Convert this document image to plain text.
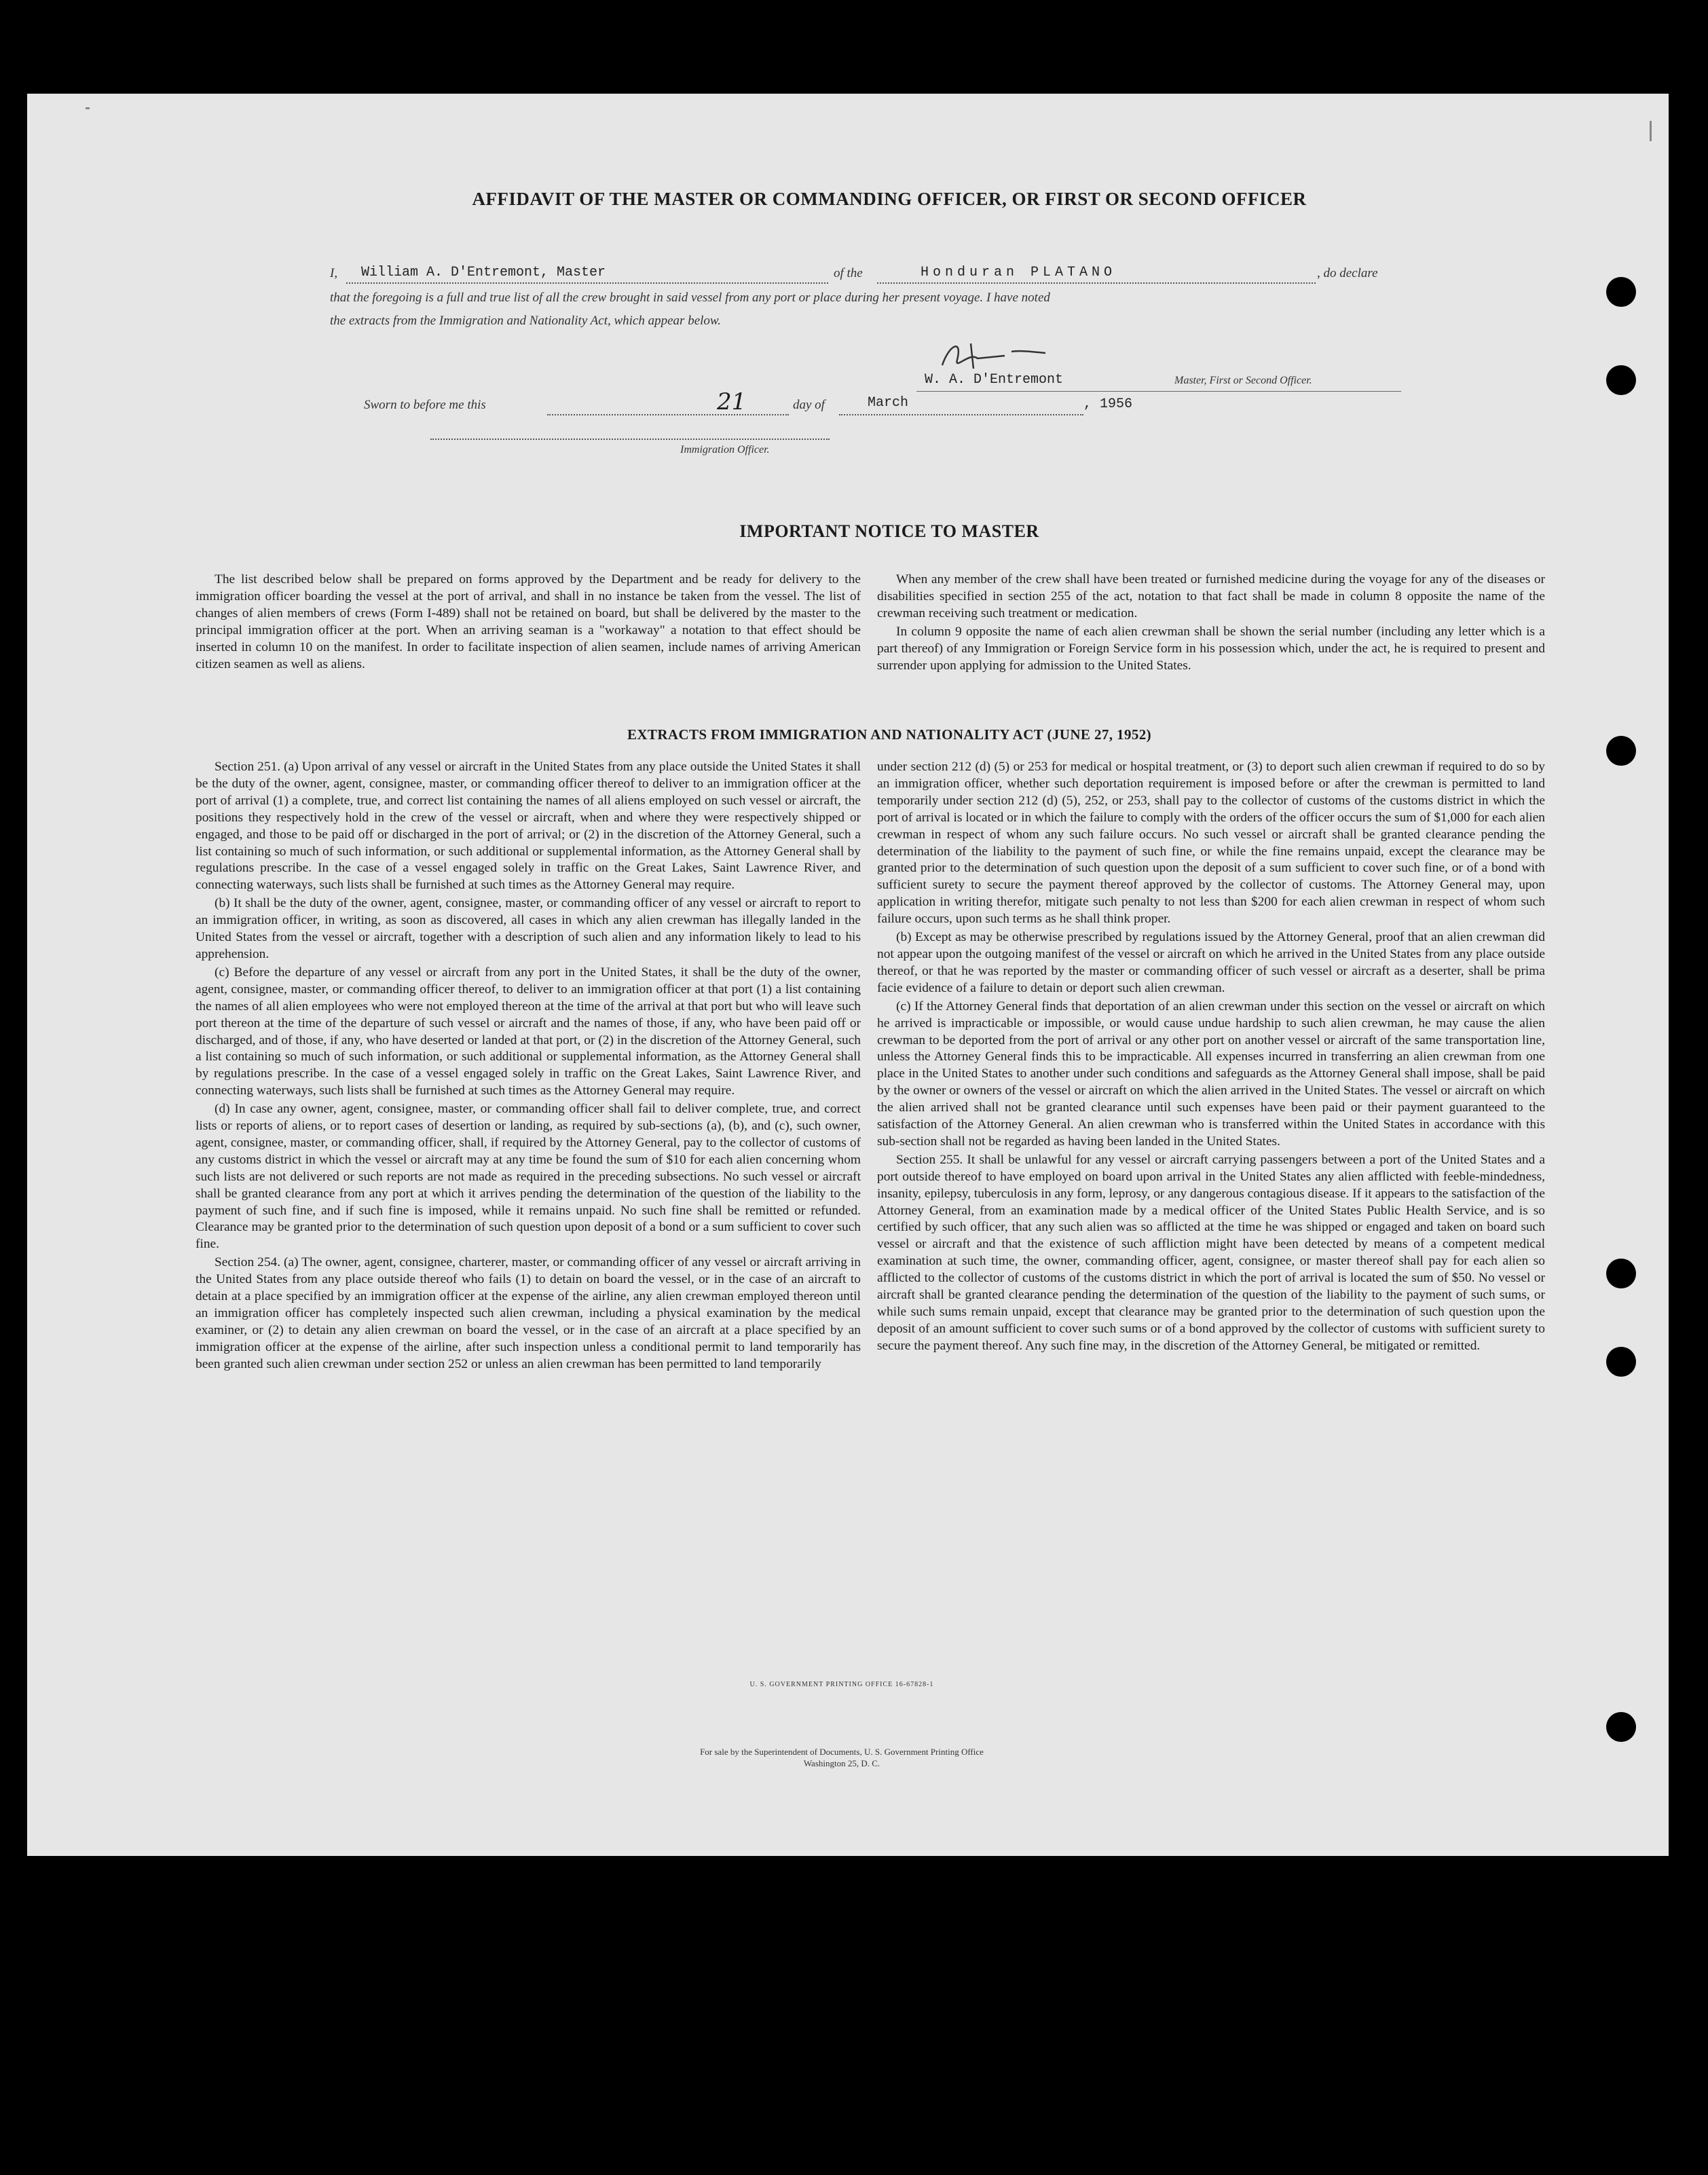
AFFIDAVIT OF THE MASTER OR COMMANDING OFFICER, OR FIRST OR SECOND OFFICER
I,	William A. D'Entremont, Master	of the	Honduran PLATANO	, do declare
that the foregoing is a full and true list of all the crew brought in said vessel from any port or place during her present voyage. I have noted
the extracts from the Immigration and Nationality Act, which appear below.
W. A. D'Entremont	Master, First or Second Officer.
Sworn to before me this	21	day of	March	, 1956
Immigration Officer.
IMPORTANT NOTICE TO MASTER

The list described below shall be prepared on forms approved by the Department and be ready for delivery to the immigration officer boarding the vessel at the port of arrival, and shall in no instance be taken from the vessel. The list of changes of alien members of crews (Form I-489) shall not be retained on board, but shall be delivered by the master to the principal immigration officer at the port. When an arriving seaman is a "workaway" a notation to that effect should be inserted in column 10 on the manifest. In order to facilitate inspection of alien seamen, include names of arriving American citizen seamen as well as aliens.

When any member of the crew shall have been treated or furnished medicine during the voyage for any of the diseases or disabilities specified in section 255 of the act, notation to that fact shall be made in column 8 opposite the name of the crewman receiving such treatment or medication.

In column 9 opposite the name of each alien crewman shall be shown the serial number (including any letter which is a part thereof) of any Immigration or Foreign Service form in his possession which, under the act, he is required to present and surrender upon applying for admission to the United States.

EXTRACTS FROM IMMIGRATION AND NATIONALITY ACT (JUNE 27, 1952)

Section 251. (a) Upon arrival of any vessel or aircraft in the United States from any place outside the United States it shall be the duty of the owner, agent, consignee, master, or commanding officer thereof to deliver to an immigration officer at the port of arrival (1) a complete, true, and correct list containing the names of all aliens employed on such vessel or aircraft, the positions they respectively hold in the crew of the vessel or aircraft, when and where they were respectively shipped or engaged, and those to be paid off or discharged in the port of arrival; or (2) in the discretion of the Attorney General, such a list containing so much of such information, or such additional or supplemental information, as the Attorney General shall by regulations prescribe. In the case of a vessel engaged solely in traffic on the Great Lakes, Saint Lawrence River, and connecting waterways, such lists shall be furnished at such times as the Attorney General may require.

(b) It shall be the duty of the owner, agent, consignee, master, or commanding officer of any vessel or aircraft to report to an immigration officer, in writing, as soon as discovered, all cases in which any alien crewman has illegally landed in the United States from the vessel or aircraft, together with a description of such alien and any information likely to lead to his apprehension.

(c) Before the departure of any vessel or aircraft from any port in the United States, it shall be the duty of the owner, agent, consignee, master, or commanding officer thereof, to deliver to an immigration officer at that port (1) a list containing the names of all alien employees who were not employed thereon at the time of the arrival at that port but who will leave such port thereon at the time of the departure of such vessel or aircraft and the names of those, if any, who have been paid off or discharged, and of those, if any, who have deserted or landed at that port, or (2) in the discretion of the Attorney General, such a list containing so much of such information, or such additional or supplemental information, as the Attorney General shall by regulations prescribe. In the case of a vessel engaged solely in traffic on the Great Lakes, Saint Lawrence River, and connecting waterways, such lists shall be furnished at such times as the Attorney General may require.

(d) In case any owner, agent, consignee, master, or commanding officer shall fail to deliver complete, true, and correct lists or reports of aliens, or to report cases of desertion or landing, as required by sub-sections (a), (b), and (c), such owner, agent, consignee, master, or commanding officer, shall, if required by the Attorney General, pay to the collector of customs of any customs district in which the vessel or aircraft may at any time be found the sum of $10 for each alien concerning whom such lists are not delivered or such reports are not made as required in the preceding subsections. No such vessel or aircraft shall be granted clearance from any port at which it arrives pending the determination of the question of the liability to the payment of such fine, and if such fine is imposed, while it remains unpaid. No such fine shall be remitted or refunded. Clearance may be granted prior to the determination of such question upon deposit of a bond or a sum sufficient to cover such fine.

Section 254. (a) The owner, agent, consignee, charterer, master, or commanding officer of any vessel or aircraft arriving in the United States from any place outside thereof who fails (1) to detain on board the vessel, or in the case of an aircraft to detain at a place specified by an immigration officer at the expense of the airline, any alien crewman employed thereon until an immigration officer has completely inspected such alien crewman, including a physical examination by the medical examiner, or (2) to detain any alien crewman on board the vessel, or in the case of an aircraft at a place specified by an immigration officer at the expense of the airline, after such inspection unless a conditional permit to land temporarily has been granted such alien crewman under section 252 or unless an alien crewman has been permitted to land temporarily

under section 212 (d) (5) or 253 for medical or hospital treatment, or (3) to deport such alien crewman if required to do so by an immigration officer, whether such deportation requirement is imposed before or after the crewman is permitted to land temporarily under section 212 (d) (5), 252, or 253, shall pay to the collector of customs of the customs district in which the port of arrival is located or in which the failure to comply with the orders of the officer occurs the sum of $1,000 for each alien crewman in respect of whom any such failure occurs. No such vessel or aircraft shall be granted clearance pending the determination of the liability to the payment of such fine, or while the fine remains unpaid, except the clearance may be granted prior to the determination of such question upon the deposit of a sum sufficient to cover such fine, or of a bond with sufficient surety to secure the payment thereof approved by the collector of customs. The Attorney General may, upon application in writing therefor, mitigate such penalty to not less than $200 for each alien crewman in respect of whom such failure occurs, upon such terms as he shall think proper.

(b) Except as may be otherwise prescribed by regulations issued by the Attorney General, proof that an alien crewman did not appear upon the outgoing manifest of the vessel or aircraft on which he arrived in the United States from any place outside thereof, or that he was reported by the master or commanding officer of such vessel or aircraft as a deserter, shall be prima facie evidence of a failure to detain or deport such alien crewman.

(c) If the Attorney General finds that deportation of an alien crewman under this section on the vessel or aircraft on which he arrived is impracticable or impossible, or would cause undue hardship to such alien crewman, he may cause the alien crewman to be deported from the port of arrival or any other port on another vessel or aircraft of the same transportation line, unless the Attorney General finds this to be impracticable. All expenses incurred in transferring an alien crewman from one place in the United States to another under such conditions and safeguards as the Attorney General shall impose, shall be paid by the owner or owners of the vessel or aircraft on which the alien arrived in the United States. The vessel or aircraft on which the alien arrived shall not be granted clearance until such expenses have been paid or their payment guaranteed to the satisfaction of the Attorney General. An alien crewman who is transferred within the United States in accordance with this sub-section shall not be regarded as having been landed in the United States.

Section 255. It shall be unlawful for any vessel or aircraft carrying passengers between a port of the United States and a port outside thereof to have employed on board upon arrival in the United States any alien afflicted with feeble-mindedness, insanity, epilepsy, tuberculosis in any form, leprosy, or any dangerous contagious disease. If it appears to the satisfaction of the Attorney General, from an examination made by a medical officer of the United States Public Health Service, and is so certified by such officer, that any such alien was so afflicted at the time he was shipped or engaged and taken on board such vessel or aircraft and that the existence of such affliction might have been detected by means of a competent medical examination at such time, the owner, commanding officer, agent, consignee, or master thereof shall pay for each alien so afflicted to the collector of customs of the customs district in which the port of arrival is located the sum of $50. No vessel or aircraft shall be granted clearance pending the determination of the question of the liability to the payment of such sums, or while such sums remain unpaid, except that clearance may be granted prior to the determination of such question upon the deposit of an amount sufficient to cover such sums or of a bond approved by the collector of customs with sufficient surety to secure the payment thereof. Any such fine may, in the discretion of the Attorney General, be mitigated or remitted.

U. S. GOVERNMENT PRINTING OFFICE 16-67828-1
For sale by the Superintendent of Documents, U. S. Government Printing Office
Washington 25, D. C.
